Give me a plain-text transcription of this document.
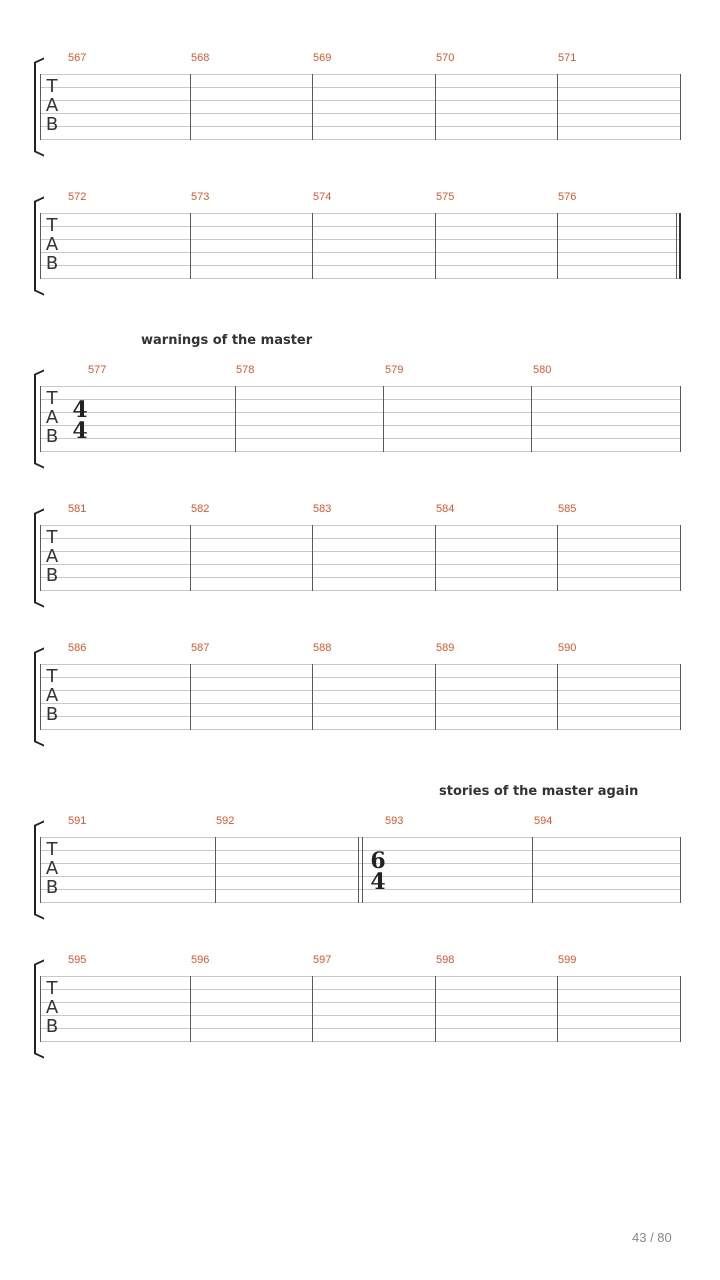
567	568	569	570	571
T
A
B
572	573	574	575	576
T
A
B
warnings of the master
577	578	579	580
T
A
B
4
4
581	582	583	584	585
T
A
B
586	587	588	589	590
T
A
B
stories of the master again
591	592	593	594
T
A
B
6
4
595	596	597	598	599
T
A
B
43 / 80
